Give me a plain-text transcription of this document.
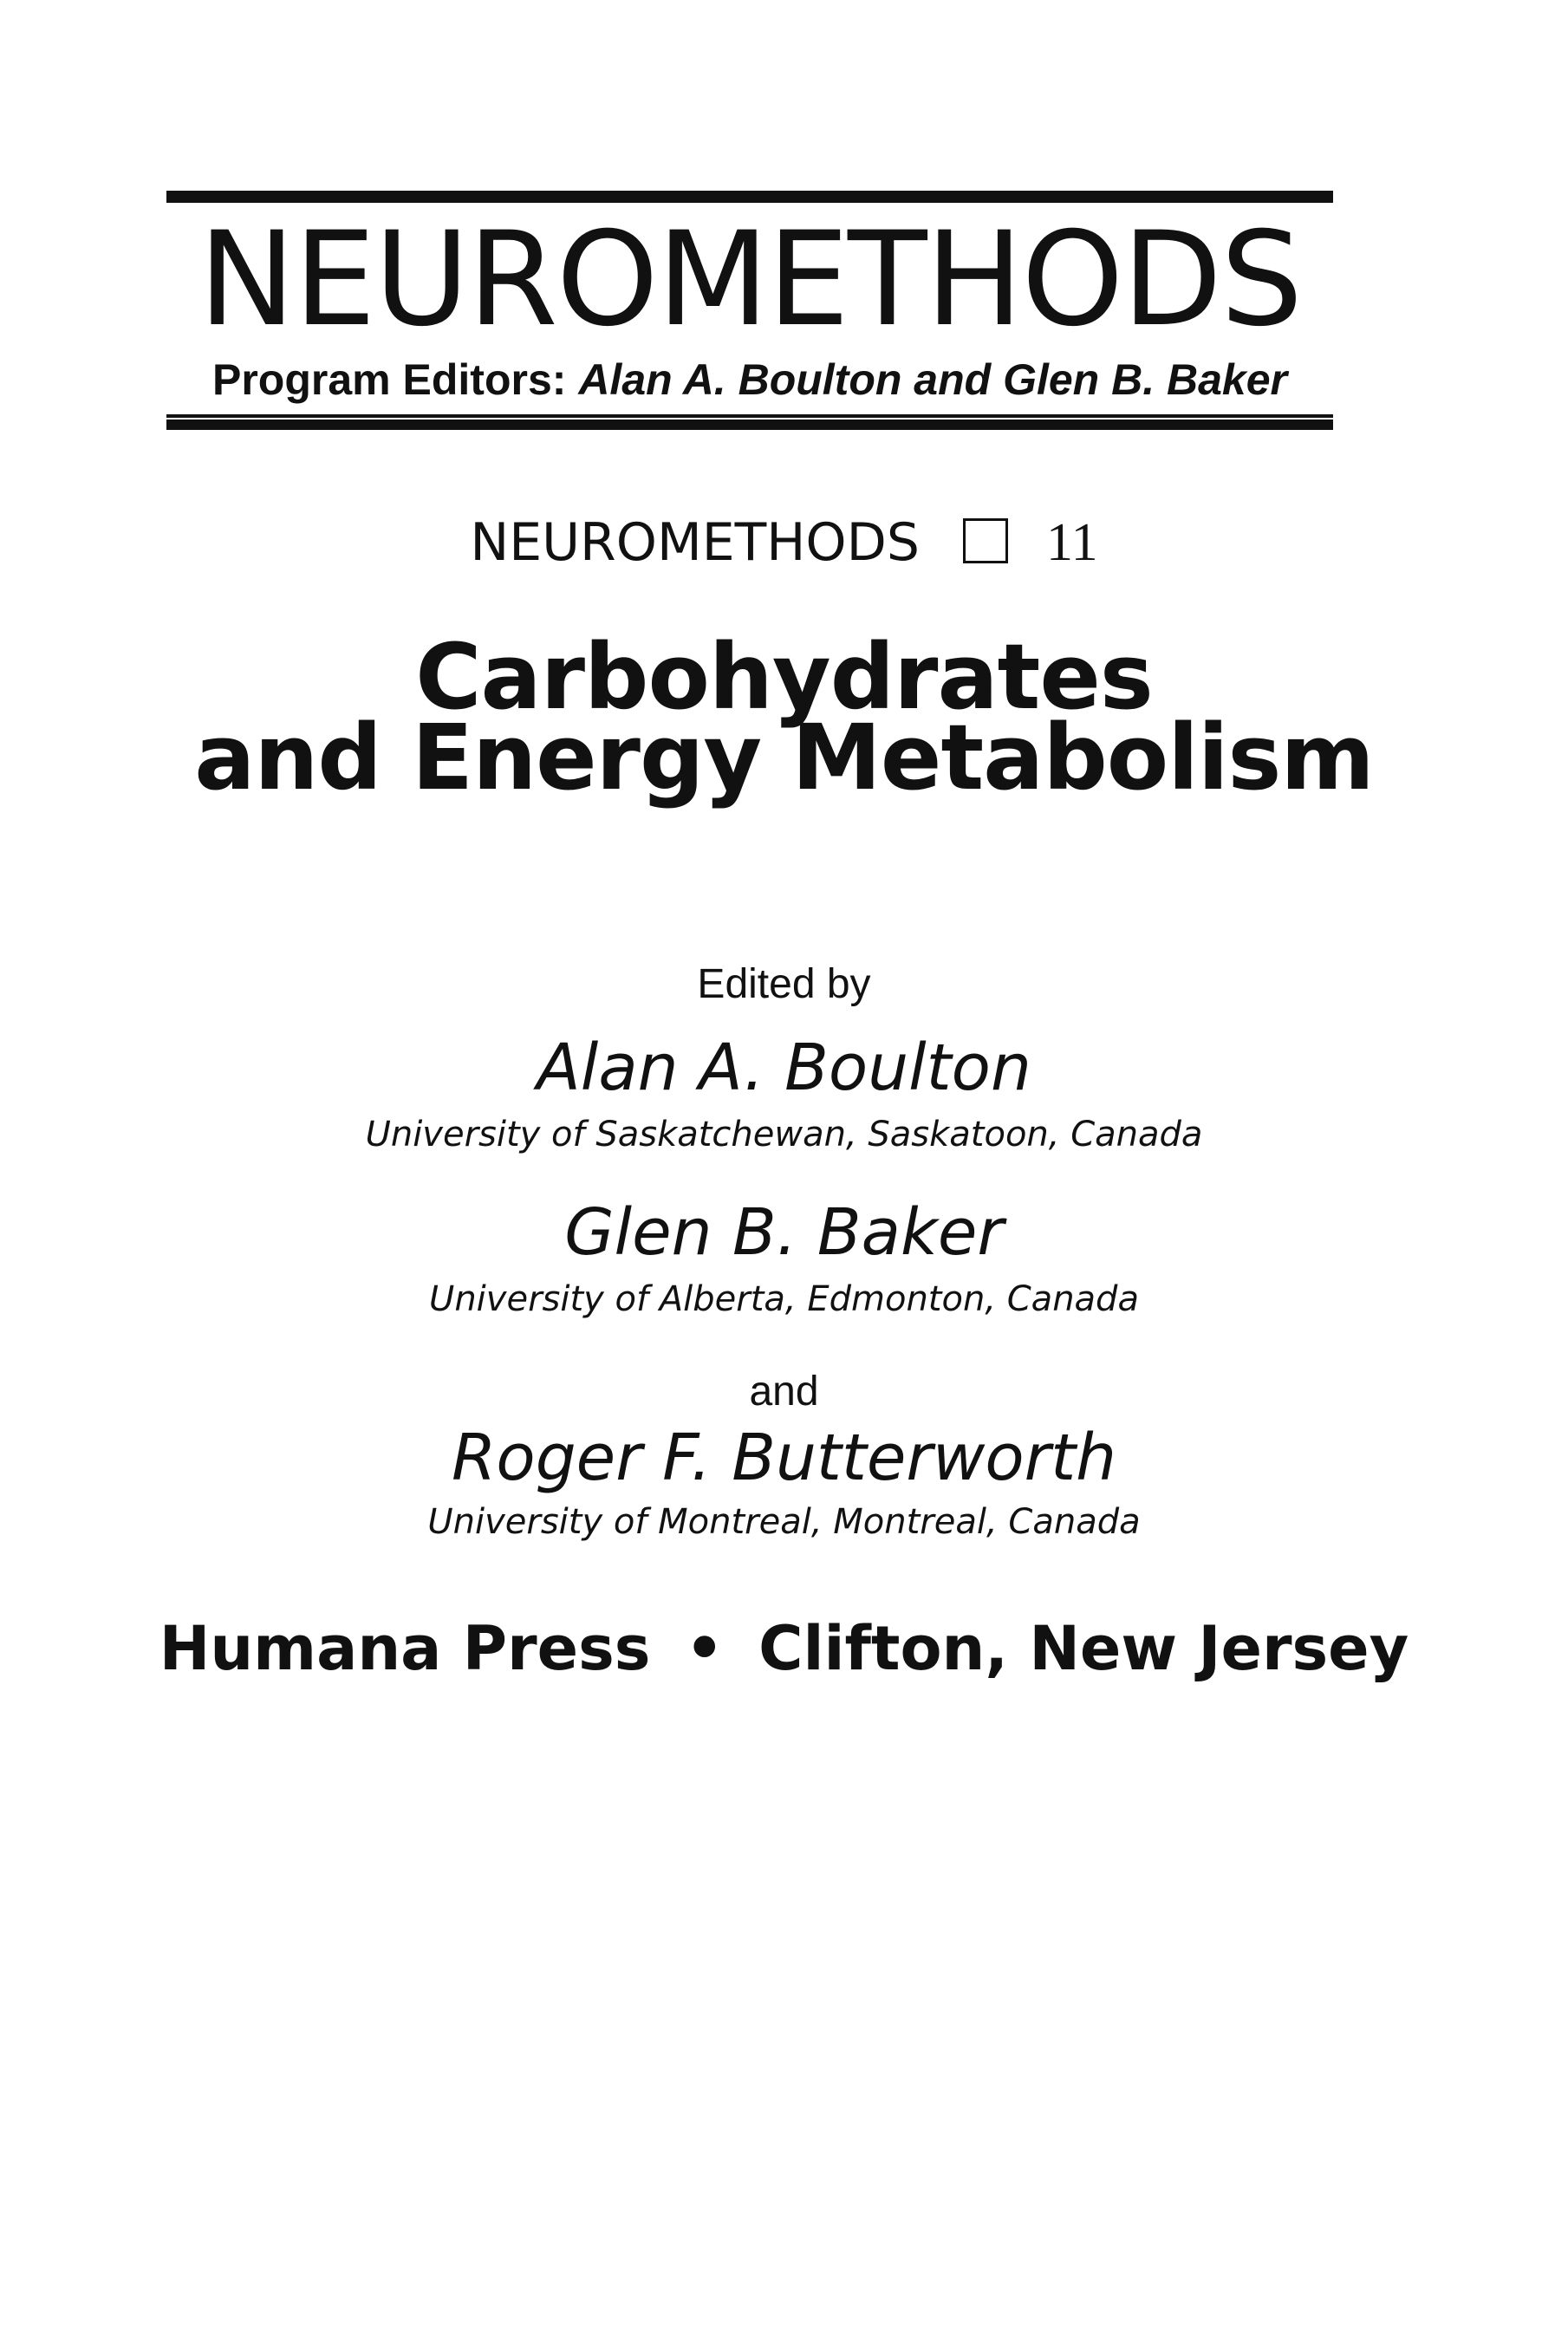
NEUROMETHODS
Program Editors: Alan A. Boulton and Glen B. Baker
NEUROMETHODS 11
Carbohydrates
and Energy Metabolism
Edited by
Alan A. Boulton
University of Saskatchewan, Saskatoon, Canada
Glen B. Baker
University of Alberta, Edmonton, Canada
and
Roger F. Butterworth
University of Montreal, Montreal, Canada
Humana Press • Clifton, New Jersey
